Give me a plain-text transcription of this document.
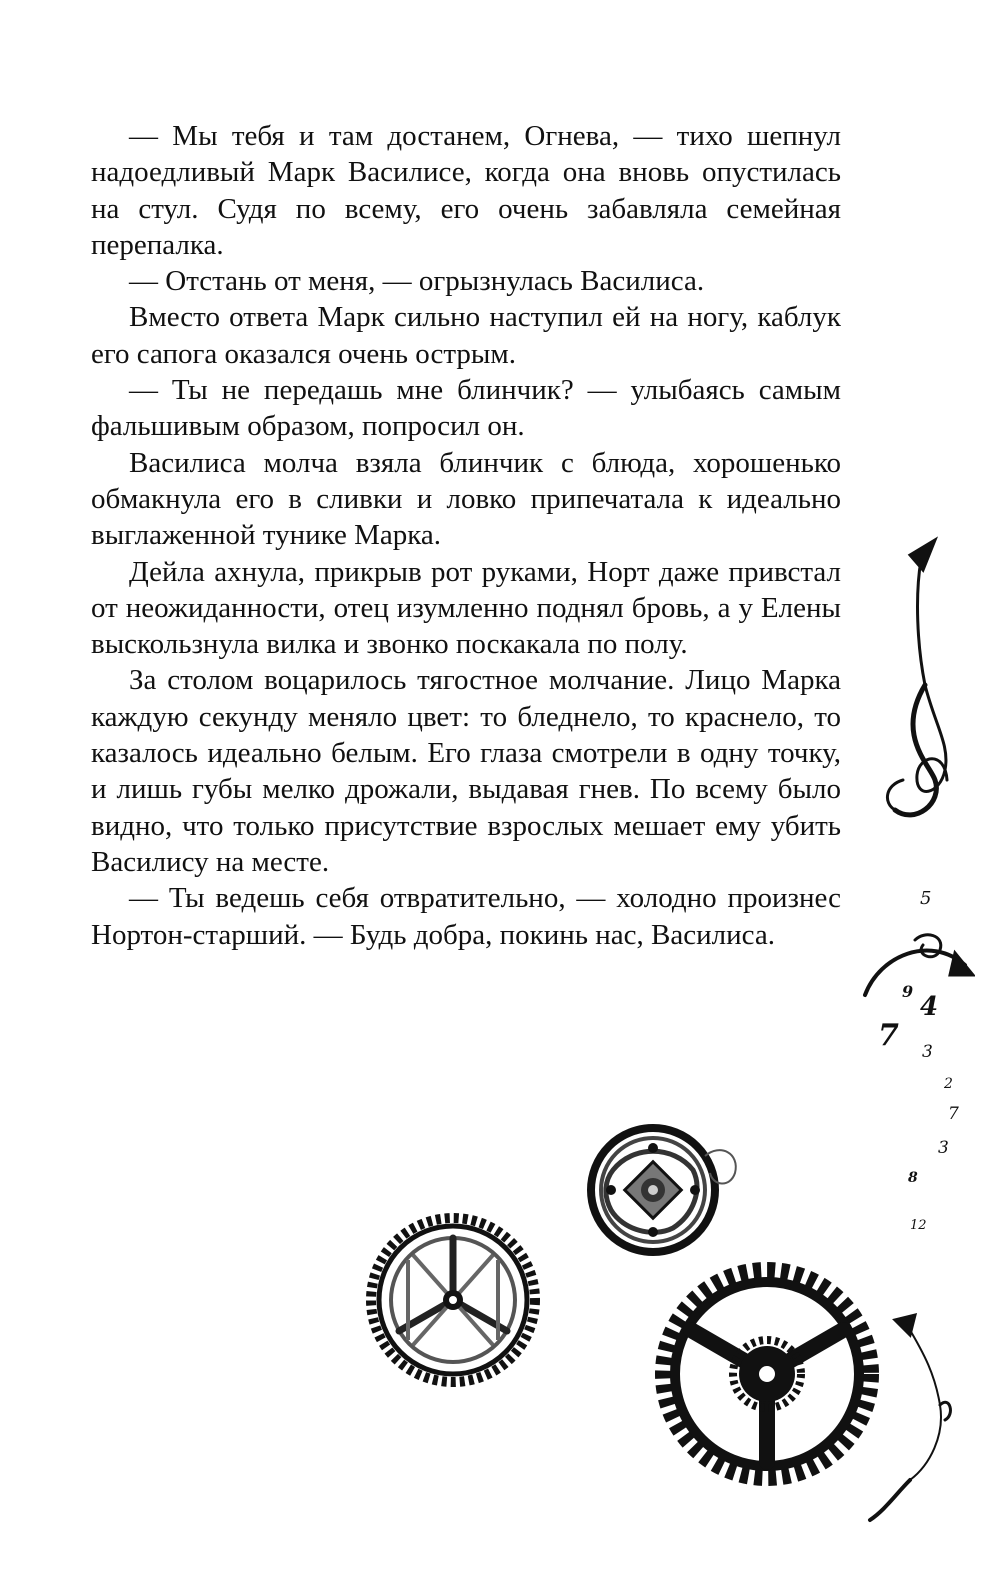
— Мы тебя и там достанем, Огнева, — тихо шепнул надоедливый Марк Василисе, когда она вновь опустилась на стул. Судя по всему, его очень забавляла семейная перепалка.

— Отстань от меня, — огрызнулась Василиса.

Вместо ответа Марк сильно наступил ей на ногу, каблук его сапога оказался очень острым.

— Ты не передашь мне блинчик? — улыбаясь самым фальшивым образом, попросил он.

Василиса молча взяла блинчик с блюда, хорошенько обмакнула его в сливки и ловко припечатала к идеально выглаженной тунике Марка.

Дейла ахнула, прикрыв рот руками, Норт даже привстал от неожиданности, отец изумленно поднял бровь, а у Елены выскользнула вилка и звонко поскакала по полу.

За столом воцарилось тягостное молчание. Лицо Марка каждую секунду меняло цвет: то бледнело, то краснело, то казалось идеально белым. Его глаза смотрели в одну точку, и лишь губы мелко дрожали, выдавая гнев. По всему было видно, что только присутствие взрослых мешает ему убить Василису на месте.

— Ты ведешь себя отвратительно, — холодно произнес Нортон-старший. — Будь добра, покинь нас, Василиса.

5
9
4
7 3
2
7
3
8
12
